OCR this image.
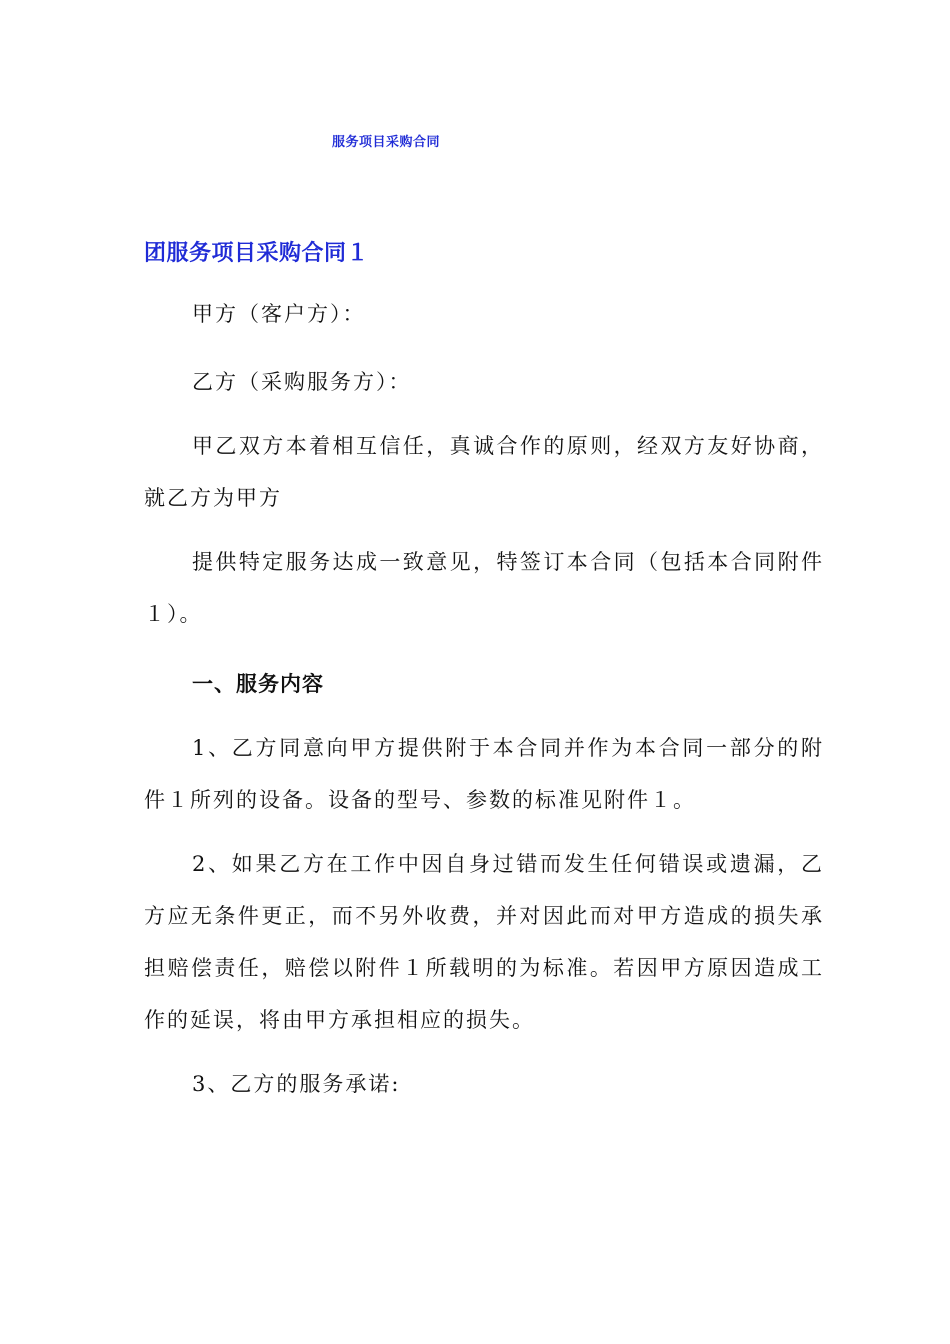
服务项目采购合同
团服务项目采购合同１
甲方（客户方）：
乙方（采购服务方）：
甲乙双方本着相互信任，真诚合作的原则，经双方友好协商， 就乙方为甲方
提供特定服务达成一致意见，特签订本合同（包括本合同附件１）。
一、服务内容
1、乙方同意向甲方提供附于本合同并作为本合同一部分的附件１所列的设备。设备的型号、参数的标准见附件１。
2、如果乙方在工作中因自身过错而发生任何错误或遗漏，乙方应无条件更正，而不另外收费，并对因此而对甲方造成的损失承担赔偿责任，赔偿以附件１所载明的为标准。若因甲方原因造成工作的延误，将由甲方承担相应的损失。
3、乙方的服务承诺:
